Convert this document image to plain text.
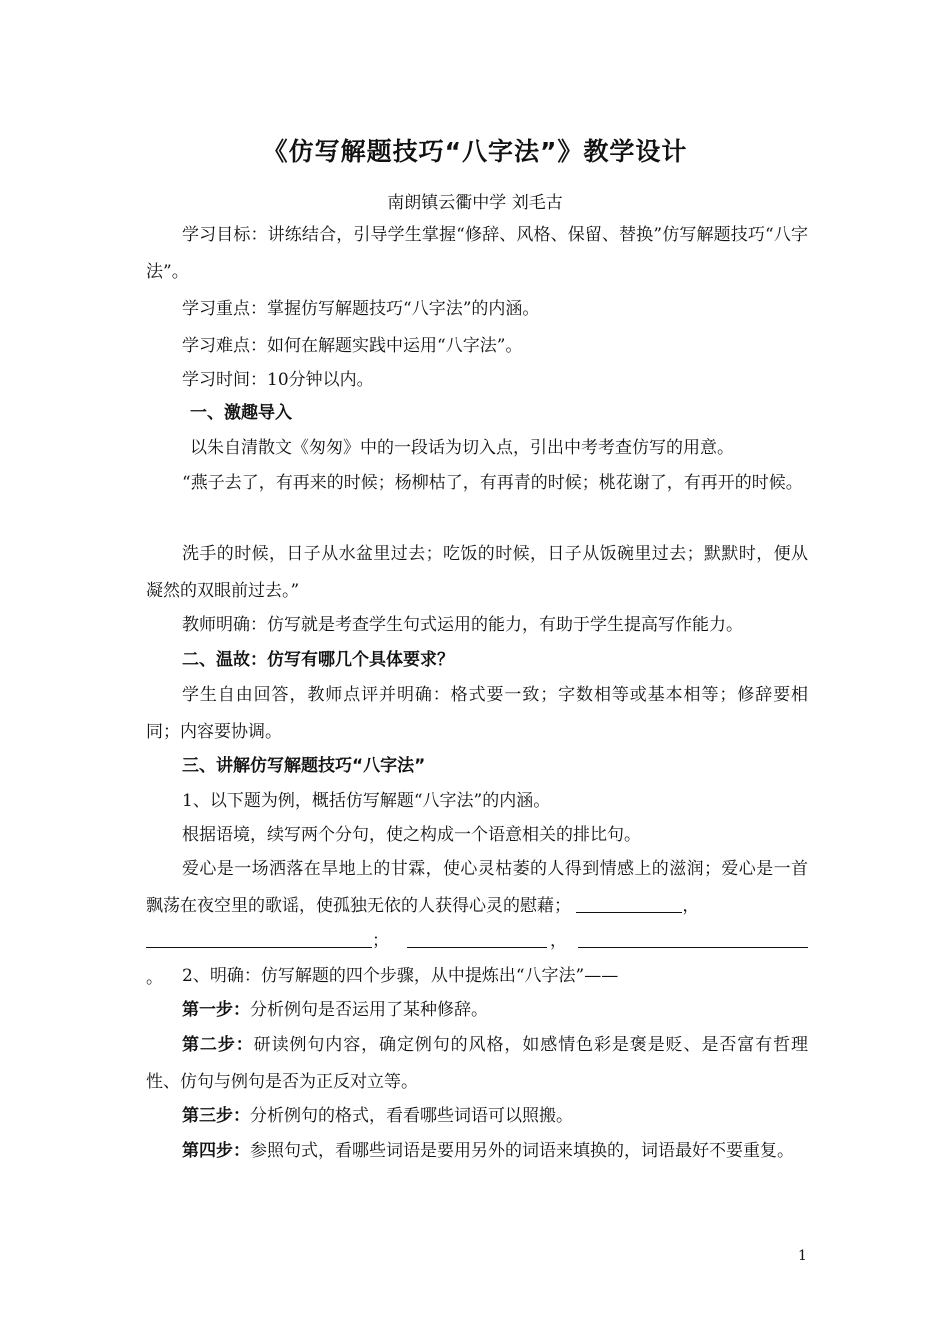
《仿写解题技巧“八字法”》教学设计
南朗镇云衢中学 刘毛古
学习目标：讲练结合，引导学生掌握“修辞、风格、保留、替换”仿写解题技巧“八字法”。
学习重点：掌握仿写解题技巧“八字法”的内涵。
学习难点：如何在解题实践中运用“八字法”。
学习时间：10分钟以内。
一、激趣导入
以朱自清散文《匆匆》中的一段话为切入点，引出中考考查仿写的用意。
“燕子去了，有再来的时候；杨柳枯了，有再青的时候；桃花谢了，有再开的时候。
洗手的时候，日子从水盆里过去；吃饭的时候，日子从饭碗里过去；默默时，便从凝然的双眼前过去。”
教师明确：仿写就是考查学生句式运用的能力，有助于学生提高写作能力。
二、温故：仿写有哪几个具体要求？
学生自由回答，教师点评并明确：格式要一致；字数相等或基本相等；修辞要相同；内容要协调。
三、讲解仿写解题技巧“八字法”
1、以下题为例，概括仿写解题“八字法”的内涵。
根据语境，续写两个分句，使之构成一个语意相关的排比句。
爱心是一场洒落在旱地上的甘霖，使心灵枯萎的人得到情感上的滋润；爱心是一首飘荡在夜空里的歌谣，使孤独无依的人获得心灵的慰藉；	，
；	， 。	2、明确：仿写解题的四个步骤，从中提炼出“八字法”——
第一步：分析例句是否运用了某种修辞。
第二步：研读例句内容，确定例句的风格，如感情色彩是褒是贬、是否富有哲理性、仿句与例句是否为正反对立等。
第三步：分析例句的格式，看看哪些词语可以照搬。
第四步：参照句式，看哪些词语是要用另外的词语来填换的，词语最好不要重复。
1
